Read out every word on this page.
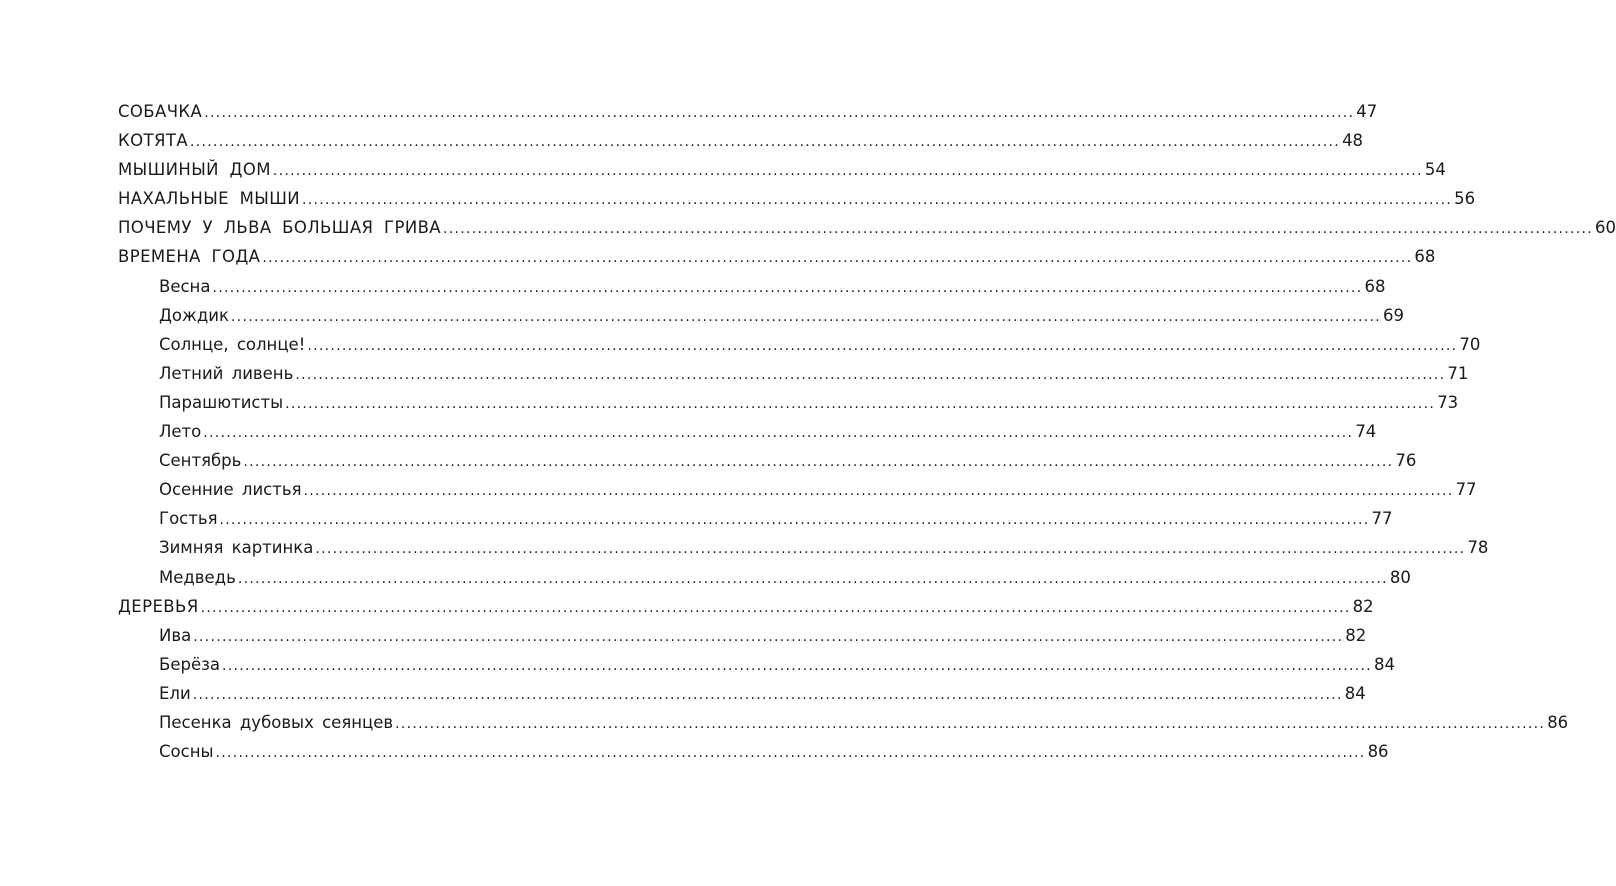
СОБАЧКА ........................................................................................................................................................................................................ 47
КОТЯТА ........................................................................................................................................................................................................ 48
МЫШИНЫЙ ДОМ ........................................................................................................................................................................................................ 54
НАХАЛЬНЫЕ МЫШИ ........................................................................................................................................................................................................ 56
ПОЧЕМУ У ЛЬВА БОЛЬШАЯ ГРИВА ........................................................................................................................................................................................................ 60
ВРЕМЕНА ГОДА ........................................................................................................................................................................................................ 68
Весна ........................................................................................................................................................................................................ 68
Дождик ........................................................................................................................................................................................................ 69
Солнце, солнце! ........................................................................................................................................................................................................ 70
Летний ливень ........................................................................................................................................................................................................ 71
Парашютисты ........................................................................................................................................................................................................ 73
Лето ........................................................................................................................................................................................................ 74
Сентябрь ........................................................................................................................................................................................................ 76
Осенние листья ........................................................................................................................................................................................................ 77
Гостья ........................................................................................................................................................................................................ 77
Зимняя картинка ........................................................................................................................................................................................................ 78
Медведь ........................................................................................................................................................................................................ 80
ДЕРЕВЬЯ ........................................................................................................................................................................................................ 82
Ива ........................................................................................................................................................................................................ 82
Берёза ........................................................................................................................................................................................................ 84
Ели ........................................................................................................................................................................................................ 84
Песенка дубовых сеянцев ........................................................................................................................................................................................................ 86
Сосны ........................................................................................................................................................................................................ 86
